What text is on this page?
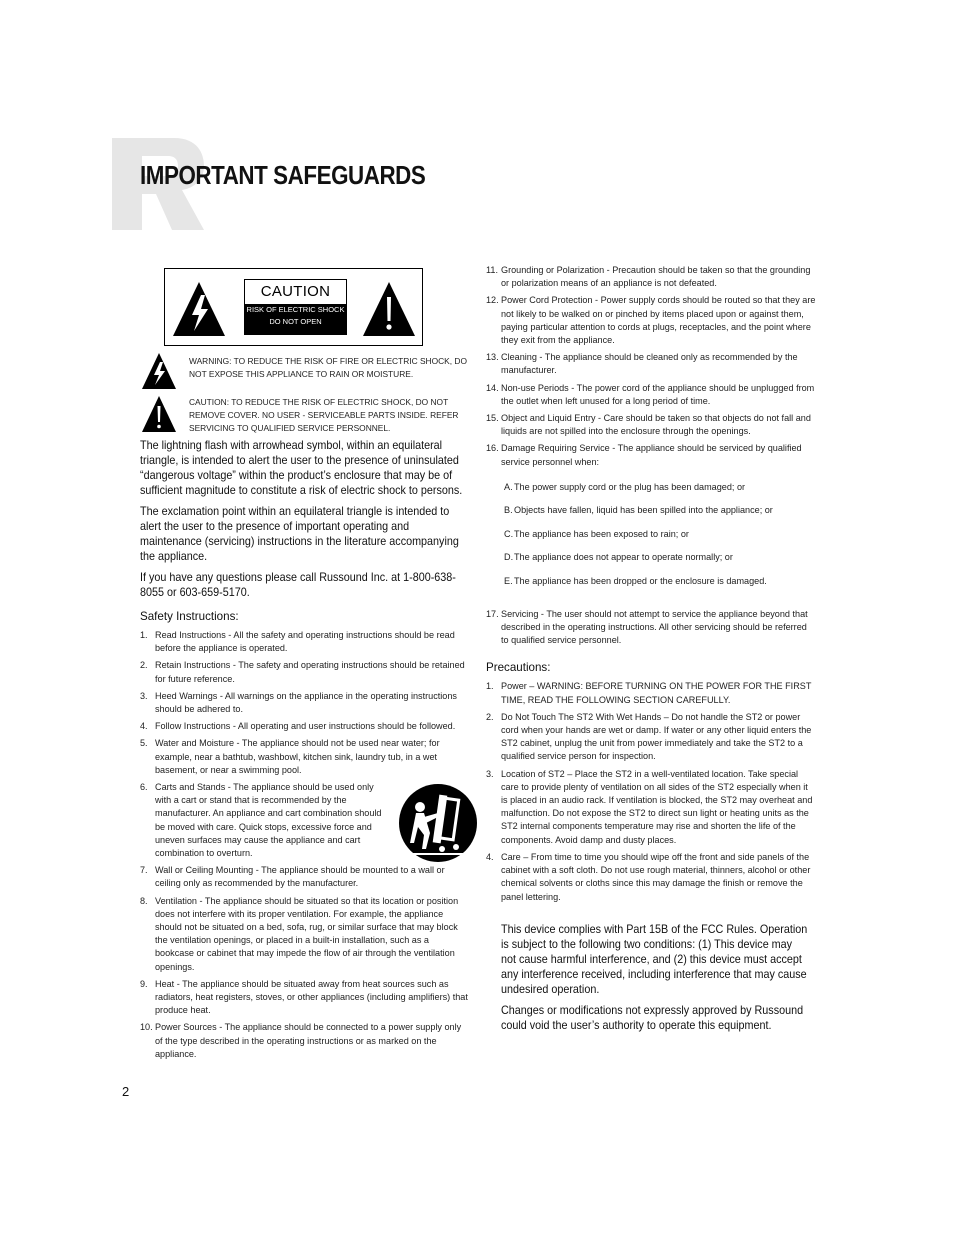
IMPORTANT SAFEGUARDS
CAUTION
RISK OF ELECTRIC SHOCK
DO NOT OPEN
WARNING: TO REDUCE THE RISK OF FIRE OR ELECTRIC SHOCK, DO NOT EXPOSE THIS APPLIANCE TO RAIN OR MOISTURE.
CAUTION: TO REDUCE THE RISK OF ELECTRIC SHOCK, DO NOT REMOVE COVER. NO USER - SERVICEABLE PARTS INSIDE. REFER SERVICING TO QUALIFIED SERVICE PERSONNEL.

The lightning flash with arrowhead symbol, within an equilateral triangle, is intended to alert the user to the presence of uninsulated “dangerous voltage” within the product’s enclosure that may be of sufficient magnitude to constitute a risk of electric shock to persons.

The exclamation point within an equilateral triangle is intended to alert the user to the presence of important operating and maintenance (servicing) instructions in the literature accompanying the appliance.

If you have any questions please call Russound Inc. at 1-800-638-8055 or 603-659-5170.

Safety Instructions:
1. Read Instructions - All the safety and operating instructions should be read before the appliance is operated.
2. Retain Instructions - The safety and operating instructions should be retained for future reference.
3. Heed Warnings - All warnings on the appliance in the operating instructions should be adhered to.
4. Follow Instructions - All operating and user instructions should be followed.
5. Water and Moisture - The appliance should not be used near water; for example, near a bathtub, washbowl, kitchen sink, laundry tub, in a wet basement, or near a swimming pool.
6. Carts and Stands - The appliance should be used only with a cart or stand that is recommended by the manufacturer. An appliance and cart combination should be moved with care. Quick stops, excessive force and uneven surfaces may cause the appliance and cart combination to overturn.
7. Wall or Ceiling Mounting - The appliance should be mounted to a wall or ceiling only as recommended by the manufacturer.
8. Ventilation - The appliance should be situated so that its location or position does not interfere with its proper ventilation. For example, the appliance should not be situated on a bed, sofa, rug, or similar surface that may block the ventilation openings, or placed in a built-in installation, such as a bookcase or cabinet that may impede the flow of air through the ventilation openings.
9. Heat - The appliance should be situated away from heat sources such as radiators, heat registers, stoves, or other appliances (including amplifiers) that produce heat.
10. Power Sources - The appliance should be connected to a power supply only of the type described in the operating instructions or as marked on the appliance.
11. Grounding or Polarization - Precaution should be taken so that the grounding or polarization means of an appliance is not defeated.
12. Power Cord Protection - Power supply cords should be routed so that they are not likely to be walked on or pinched by items placed upon or against them, paying particular attention to cords at plugs, receptacles, and the point where they exit from the appliance.
13. Cleaning - The appliance should be cleaned only as recommended by the manufacturer.
14. Non-use Periods - The power cord of the appliance should be unplugged from the outlet when left unused for a long period of time.
15. Object and Liquid Entry - Care should be taken so that objects do not fall and liquids are not spilled into the enclosure through the openings.
16. Damage Requiring Service - The appliance should be serviced by qualified service personnel when:
A. The power supply cord or the plug has been damaged; or
B. Objects have fallen, liquid has been spilled into the appliance; or
C. The appliance has been exposed to rain; or
D. The appliance does not appear to operate normally; or
E. The appliance has been dropped or the enclosure is damaged.
17. Servicing - The user should not attempt to service the appliance beyond that described in the operating instructions. All other servicing should be referred to qualified service personnel.
Precautions:
1. Power – WARNING: BEFORE TURNING ON THE POWER FOR THE FIRST TIME, READ THE FOLLOWING SECTION CAREFULLY.
2. Do Not Touch The ST2 With Wet Hands – Do not handle the ST2 or power cord when your hands are wet or damp. If water or any other liquid enters the ST2 cabinet, unplug the unit from power immediately and take the ST2 to a qualified service person for inspection.
3. Location of ST2 – Place the ST2 in a well-ventilated location. Take special care to provide plenty of ventilation on all sides of the ST2 especially when it is placed in an audio rack. If ventilation is blocked, the ST2 may overheat and malfunction. Do not expose the ST2 to direct sun light or heating units as the ST2 internal components temperature may rise and shorten the life of the components. Avoid damp and dusty places.
4. Care – From time to time you should wipe off the front and side panels of the cabinet with a soft cloth. Do not use rough material, thinners, alcohol or other chemical solvents or cloths since this may damage the finish or remove the panel lettering.

This device complies with Part 15B of the FCC Rules. Operation is subject to the following two conditions: (1) This device may not cause harmful interference, and (2) this device must accept any interference received, including interference that may cause undesired operation.

Changes or modifications not expressly approved by Russound could void the user’s authority to operate this equipment.

2
